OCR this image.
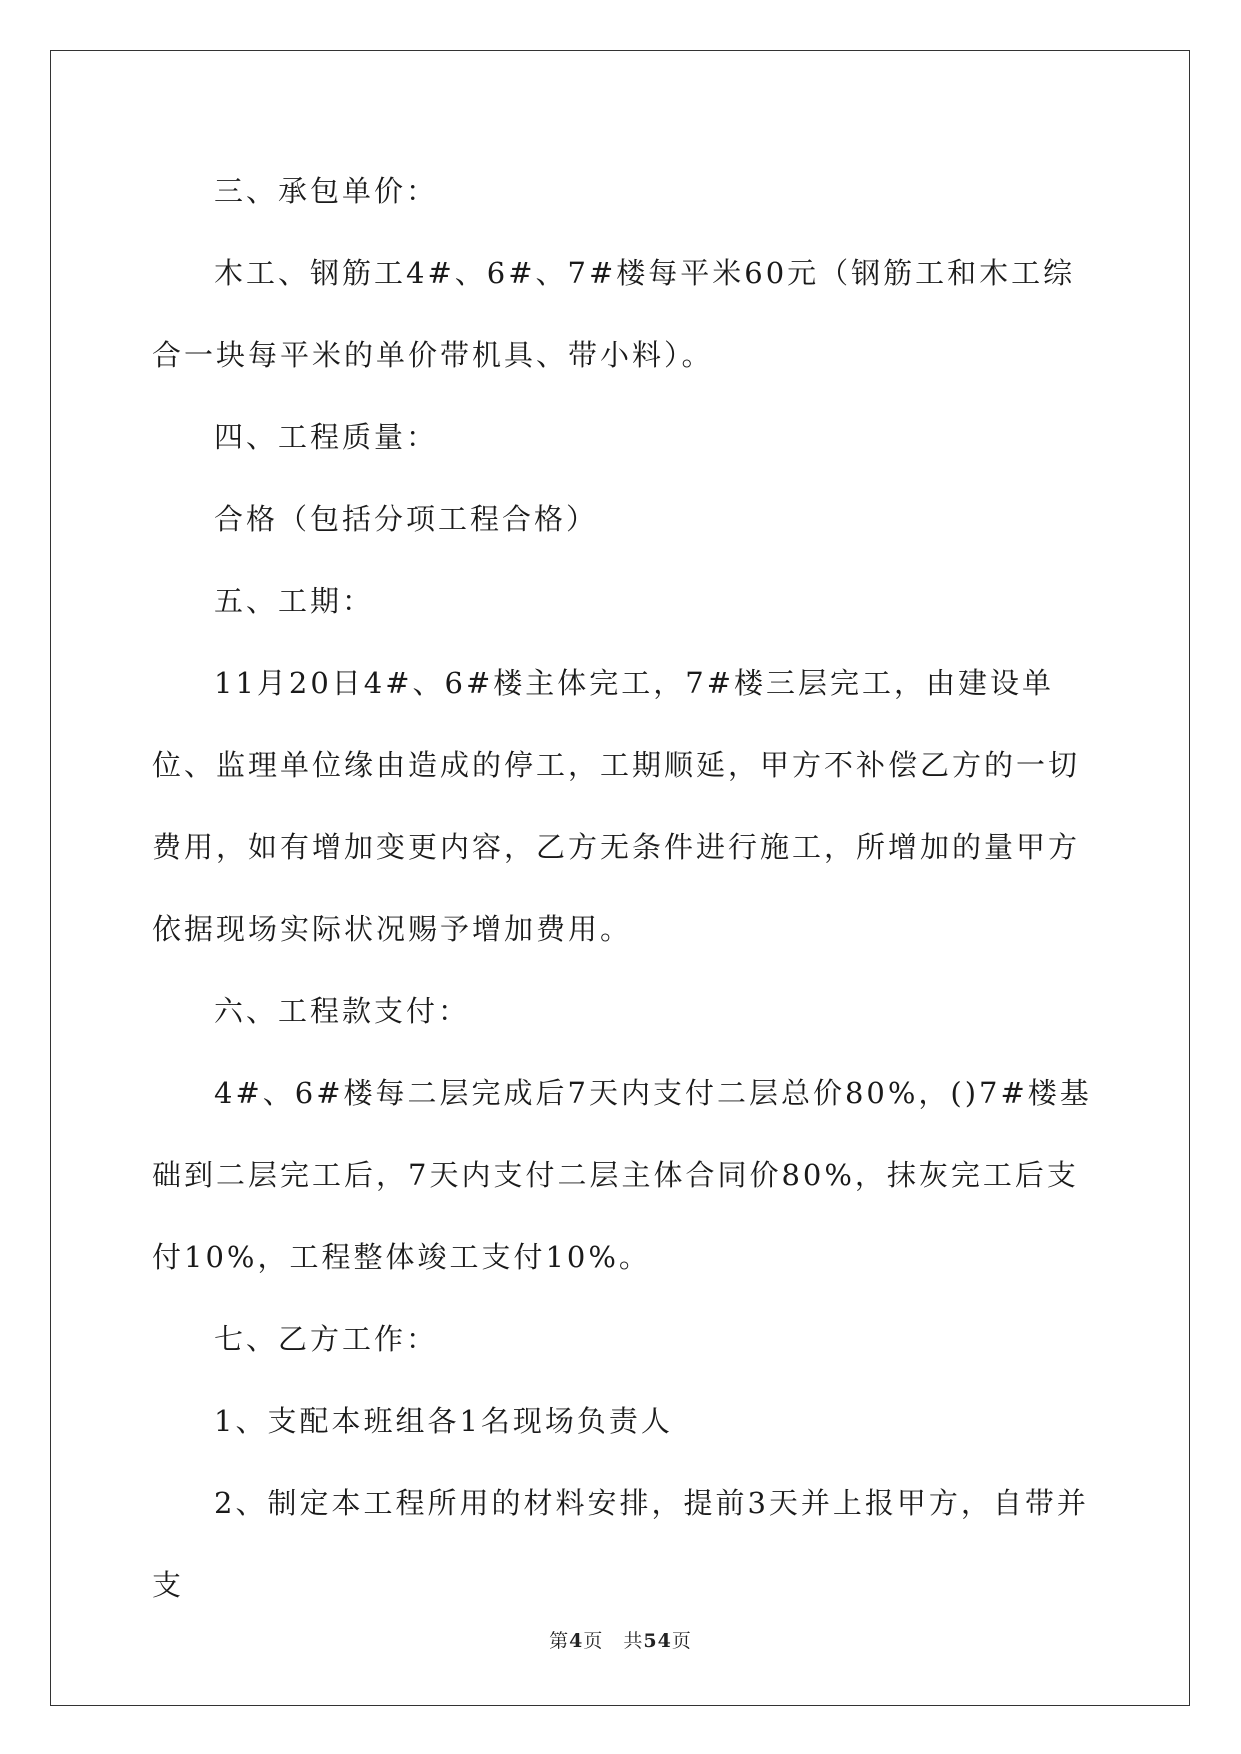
三、承包单价：

木工、钢筋工4#、6#、7#楼每平米60元（钢筋工和木工综合一块每平米的单价带机具、带小料）。

四、工程质量：

合格（包括分项工程合格）

五、工期：

11月20日4#、6#楼主体完工，7#楼三层完工，由建设单位、监理单位缘由造成的停工，工期顺延，甲方不补偿乙方的一切费用，如有增加变更内容，乙方无条件进行施工，所增加的量甲方依据现场实际状况赐予增加费用。

六、工程款支付：

4#、6#楼每二层完成后7天内支付二层总价80%，()7#楼基础到二层完工后，7天内支付二层主体合同价80%，抹灰完工后支付10%，工程整体竣工支付10%。

七、乙方工作：

1、支配本班组各1名现场负责人

2、制定本工程所用的材料安排，提前3天并上报甲方，自带并支

第4页 共54页
